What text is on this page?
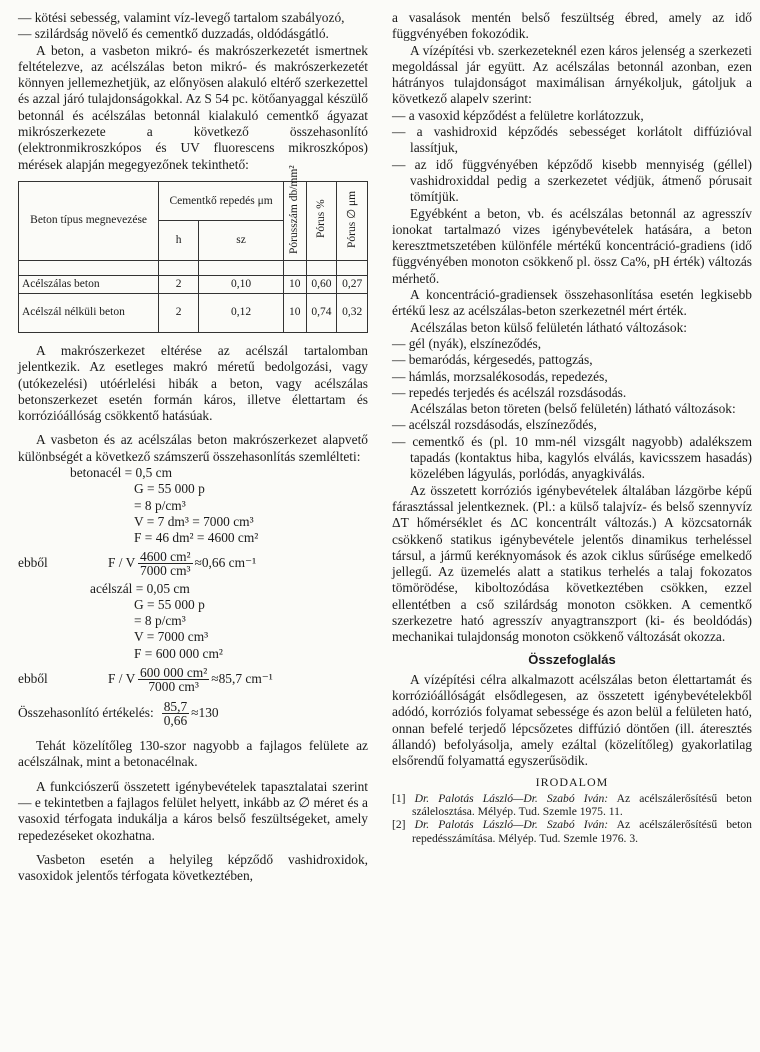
— kötési sebesség, valamint víz-levegő tartalom szabályozó,

— szilárdság növelő és cementkő duzzadás, oldódásgátló.

A beton, a vasbeton mikró- és makrószerkezetét ismertnek feltételezve, az acélszálas beton mikró- és makrószerkezetét könnyen jellemezhetjük, az előnyösen alakuló eltérő szerkezettel és azzal járó tulajdonságokkal. Az S 54 pc. kötőanyaggal készülő betonnál és acélszálas betonnál kialakuló cementkő ágyazat mikrószerkezete a következő összehasonlító (elektronmikroszkópos és UV fluorescens mikroszkópos) mérések alapján megegyezőnek tekinthető:

Beton típus megnevezése	Cementkő repedés μm		Pórusszám db/mm²	Pórus %	Pórus ∅ μm
	h	sz			

Acélszálas beton	2	0,10	10	0,60	0,27
Acélszál nélküli beton	2	0,12	10	0,74	0,32

A makrószerkezet eltérése az acélszál tartalomban jelentkezik. Az esetleges makró méretű bedolgozási, vagy (utókezelési) utóérlelési hibák a beton, vagy acélszálas betonszerkezet esetén formán káros, illetve élettartam és korrózióállóság csökkentő hatásúak.

A vasbeton és az acélszálas beton makrószerkezet alapvető különbségét a következő számszerű összehasonlítás szemlélteti:

betonacél = 0,5 cm
G = 55 000 p
= 8 p/cm³
V = 7 dm³ = 7000 cm³
F = 46 dm² = 4600 cm²
ebből	F / V $\frac{\text{4600 cm²}}{\text{7000 cm³}} \approx 0,66$ cm⁻¹
acélszál = 0,05 cm
G = 55 000 p
= 8 p/cm³
V = 7000 cm³
F = 600 000 cm²
ebből	F / V $\frac{\text{600 000 cm²}}{\text{7000 cm³}} \approx 85,7$ cm⁻¹
Összehasonlító értékelés: $\frac{85,7}{0,66} \approx 130$

Tehát közelítőleg 130-szor nagyobb a fajlagos felülete az acélszálnak, mint a betonacélnak.

A funkciószerű összetett igénybevételek tapasztalatai szerint — e tekintetben a fajlagos felület helyett, inkább az ∅ méret és a vasoxid térfogata indukálja a káros belső feszültségeket, amely repedezéseket okozhatna.

Vasbeton esetén a helyileg képződő vashidroxidok, vasoxidok jelentős térfogata következtében,

a vasalások mentén belső feszültség ébred, amely az idő függvényében fokozódik.

A vízépítési vb. szerkezeteknél ezen káros jelenség a szerkezeti megoldással jár együtt. Az acélszálas betonnál azonban, ezen hátrányos tulajdonságot maximálisan árnyékoljuk, gátoljuk a következő alapelv szerint:

— a vasoxid képződést a felületre korlátozzuk,

— a vashidroxid képződés sebességet korlátolt diffúzióval lassítjuk,

— az idő függvényében képződő kisebb mennyiség (géllel) vashidroxiddal pedig a szerkezetet védjük, átmenő pórusait tömítjük.

Egyébként a beton, vb. és acélszálas betonnál az agresszív ionokat tartalmazó vizes igénybevételek hatására, a beton keresztmetszetében különféle mértékű koncentráció-gradiens (idő függvényében monoton csökkenő pl. össz Ca%, pH érték) változás mérhető.

A koncentráció-gradiensek összehasonlítása esetén legkisebb értékű lesz az acélszálas-beton szerkezetnél mért érték.

Acélszálas beton külső felületén látható változások:

— gél (nyák), elszíneződés,

— bemaródás, kérgesedés, pattogzás,

— hámlás, morzsalékosodás, repedezés,

— repedés terjedés és acélszál rozsdásodás.

Acélszálas beton töreten (belső felületén) látható változások:

— acélszál rozsdásodás, elszíneződés,

— cementkő és (pl. 10 mm-nél vizsgált nagyobb) adalékszem tapadás (kontaktus hiba, kagylós elválás, kavicsszem hasadás) közelében lágyulás, porlódás, anyagkiválás.

Az összetett korróziós igénybevételek általában lázgörbe képű fárasztással jelentkeznek. (Pl.: a külső talajvíz- és belső szennyvíz ΔT hőmérséklet és ΔC koncentrált változás.) A közcsatornák csökkenő statikus igénybevétele jelentős dinamikus terheléssel társul, a jármű keréknyomások és azok ciklus sűrűsége emelkedő jellegű. Az üzemelés alatt a statikus terhelés a talaj fokozatos tömörödése, kiboltozódása következtében csökken, ezzel ellentétben a cső szilárdság monoton csökken. A cementkő szerkezetre ható agresszív anyagtranszport (ki- és beoldódás) mechanikai tulajdonság monoton csökkenő változását okozza.

Összefoglalás

A vízépítési célra alkalmazott acélszálas beton élettartamát és korrózióállóságát elsődlegesen, az összetett igénybevételekből adódó, korróziós folyamat sebessége és azon belül a felületen ható, onnan befelé terjedő lépcsőzetes diffúzió döntően (ill. áteresztés állandó) befolyásolja, amely ezáltal (közelítőleg) gyakorlatilag elsőrendű folyamattá egyszerűsödik.

IRODALOM

[1] Dr. Palotás László—Dr. Szabó Iván: Az acélszálerősítésű beton szálelosztása. Mélyép. Tud. Szemle 1975. 11.

[2] Dr. Palotás László—Dr. Szabó Iván: Az acélszálerősítésű beton repedésszámítása. Mélyép. Tud. Szemle 1976. 3.
